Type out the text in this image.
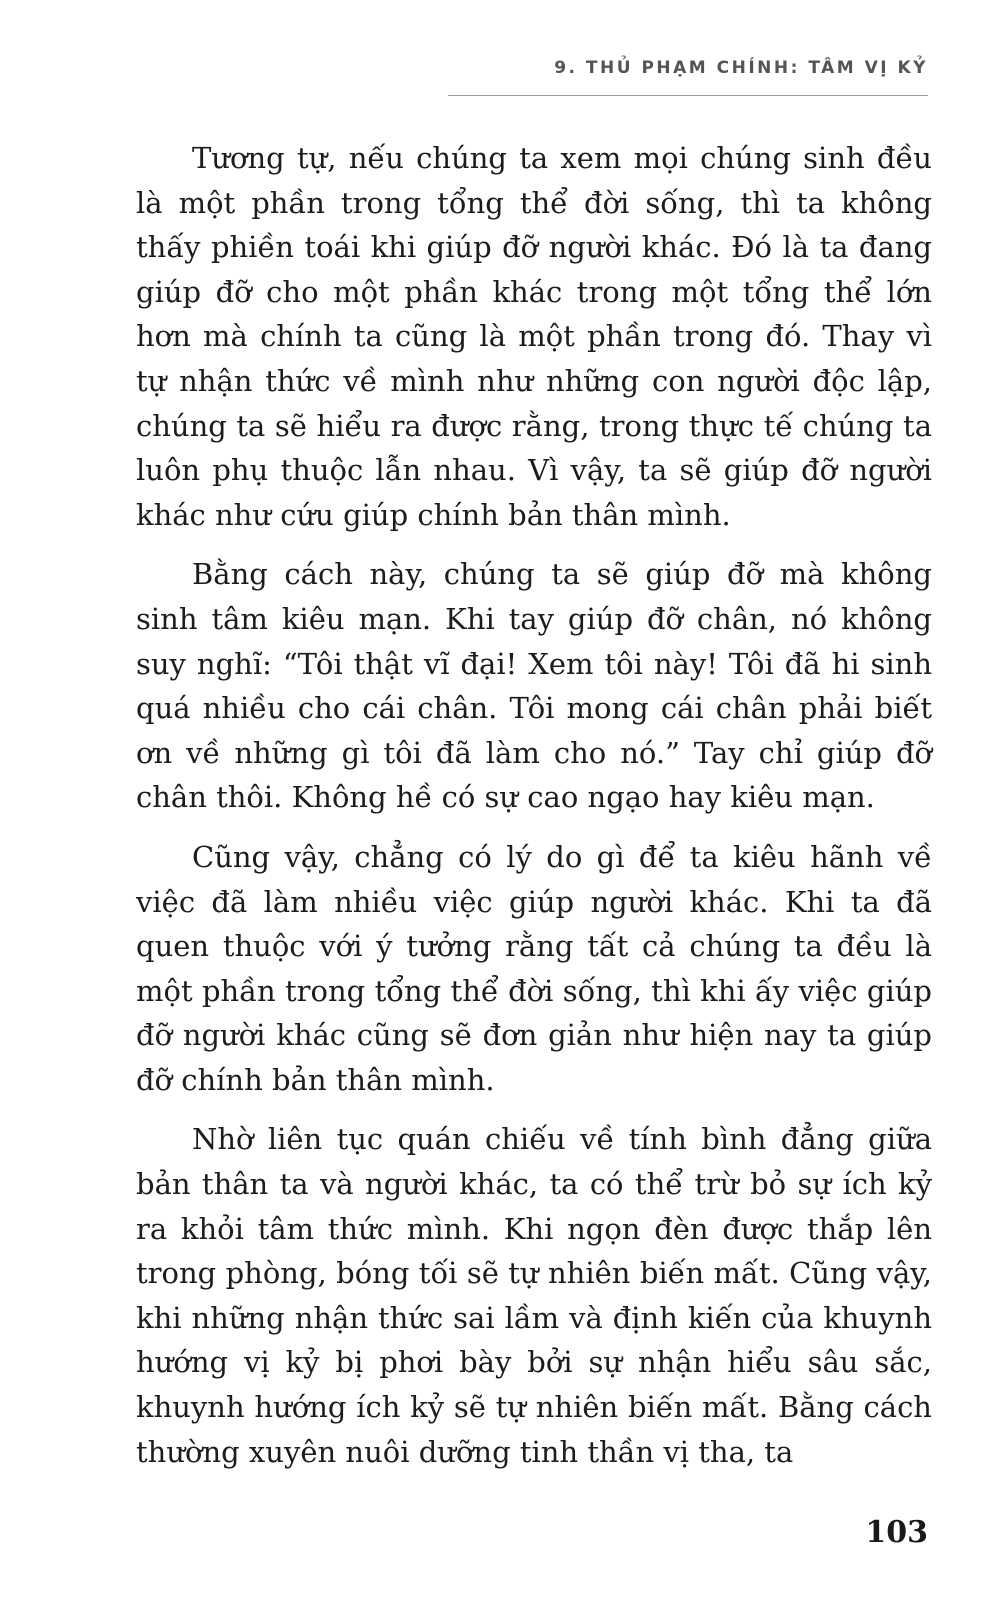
9. THỦ PHẠM CHÍNH: TÂM VỊ KỶ

Tương tự, nếu chúng ta xem mọi chúng sinh đều là một phần trong tổng thể đời sống, thì ta không thấy phiền toái khi giúp đỡ người khác. Đó là ta đang giúp đỡ cho một phần khác trong một tổng thể lớn hơn mà chính ta cũng là một phần trong đó. Thay vì tự nhận thức về mình như những con người độc lập, chúng ta sẽ hiểu ra được rằng, trong thực tế chúng ta luôn phụ thuộc lẫn nhau. Vì vậy, ta sẽ giúp đỡ người khác như cứu giúp chính bản thân mình.

Bằng cách này, chúng ta sẽ giúp đỡ mà không sinh tâm kiêu mạn. Khi tay giúp đỡ chân, nó không suy nghĩ: “Tôi thật vĩ đại! Xem tôi này! Tôi đã hi sinh quá nhiều cho cái chân. Tôi mong cái chân phải biết ơn về những gì tôi đã làm cho nó.” Tay chỉ giúp đỡ chân thôi. Không hề có sự cao ngạo hay kiêu mạn.

Cũng vậy, chẳng có lý do gì để ta kiêu hãnh về việc đã làm nhiều việc giúp người khác. Khi ta đã quen thuộc với ý tưởng rằng tất cả chúng ta đều là một phần trong tổng thể đời sống, thì khi ấy việc giúp đỡ người khác cũng sẽ đơn giản như hiện nay ta giúp đỡ chính bản thân mình.

Nhờ liên tục quán chiếu về tính bình đẳng giữa bản thân ta và người khác, ta có thể trừ bỏ sự ích kỷ ra khỏi tâm thức mình. Khi ngọn đèn được thắp lên trong phòng, bóng tối sẽ tự nhiên biến mất. Cũng vậy, khi những nhận thức sai lầm và định kiến của khuynh hướng vị kỷ bị phơi bày bởi sự nhận hiểu sâu sắc, khuynh hướng ích kỷ sẽ tự nhiên biến mất. Bằng cách thường xuyên nuôi dưỡng tinh thần vị tha, ta

103
